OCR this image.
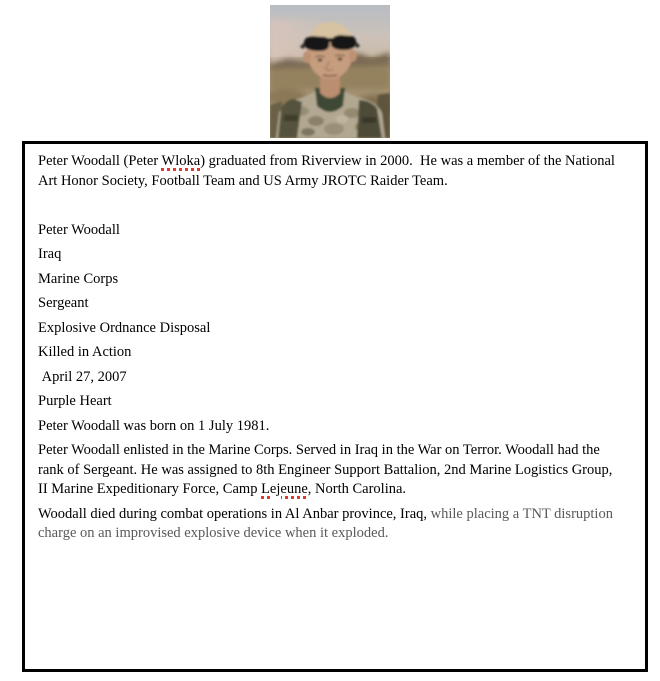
Peter Woodall (Peter Wloka) graduated from Riverview in 2000.  He was a member of the National Art Honor Society, Football Team and US Army JROTC Raider Team.

Peter Woodall

Iraq

Marine Corps

Sergeant

Explosive Ordnance Disposal

Killed in Action

April 27, 2007

Purple Heart

Peter Woodall was born on 1 July 1981.

Peter Woodall enlisted in the Marine Corps. Served in Iraq in the War on Terror. Woodall had the rank of Sergeant. He was assigned to 8th Engineer Support Battalion, 2nd Marine Logistics Group, II Marine Expeditionary Force, Camp Lejeune, North Carolina.

Woodall died during combat operations in Al Anbar province, Iraq, while placing a TNT disruption charge on an improvised explosive device when it exploded.
